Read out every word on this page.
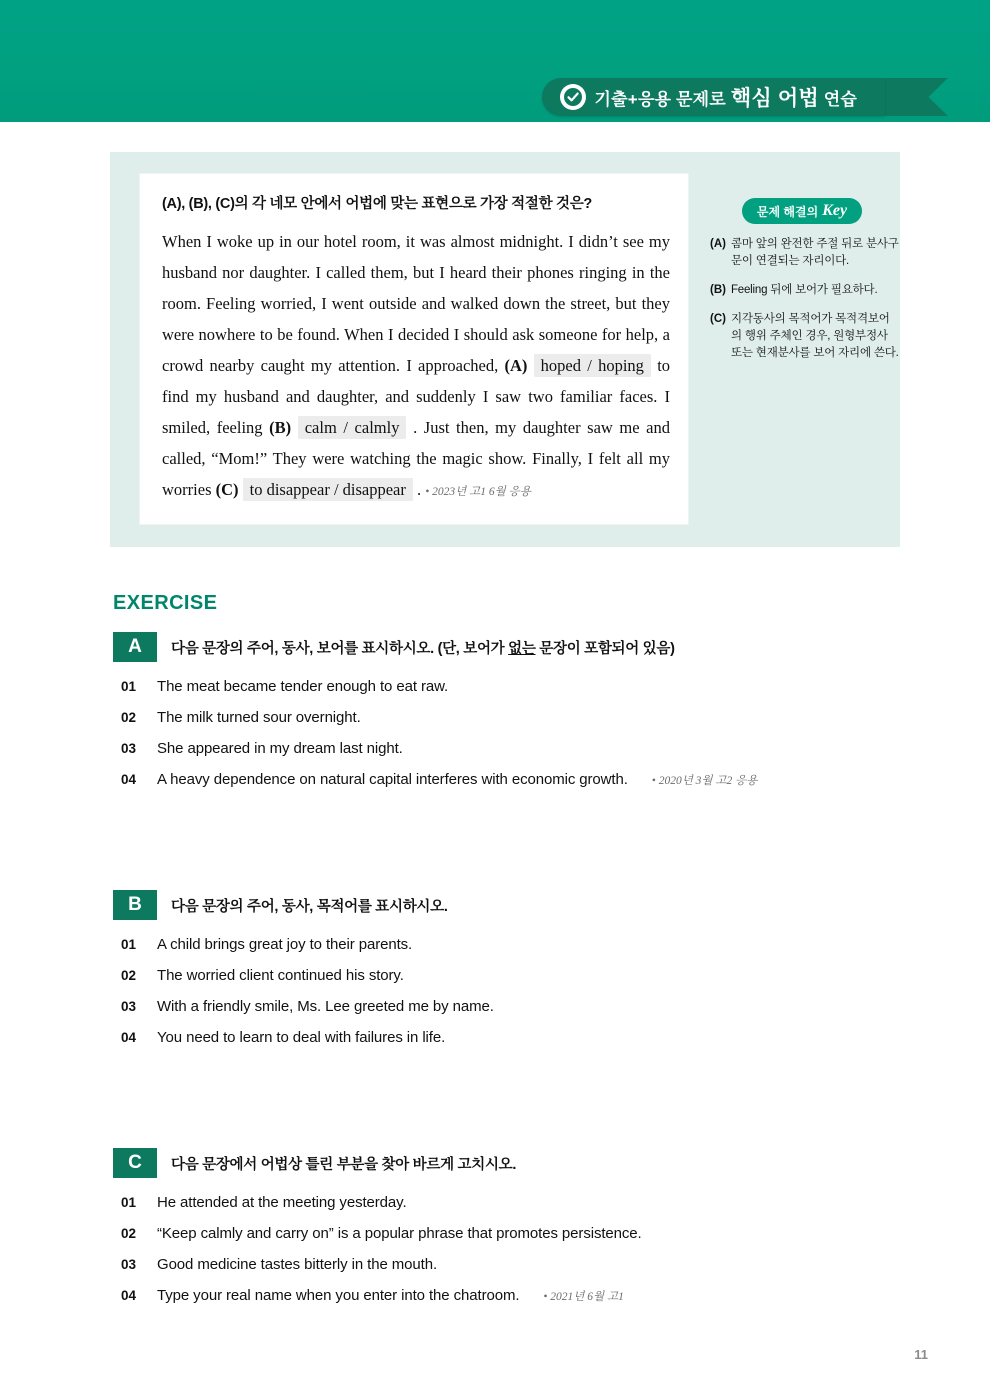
기출+응용 문제로 핵심 어법 연습
(A), (B), (C)의 각 네모 안에서 어법에 맞는 표현으로 가장 적절한 것은?
When I woke up in our hotel room, it was almost midnight. I didn’t see my husband nor daughter. I called them, but I heard their phones ringing in the room. Feeling worried, I went outside and walked down the street, but they were nowhere to be found. When I decided I should ask someone for help, a crowd nearby caught my attention. I approached, (A) hoped / hoping to find my husband and daughter, and suddenly I saw two familiar faces. I smiled, feeling (B) calm / calmly . Just then, my daughter saw me and called, “Mom!” They were watching the magic show. Finally, I felt all my worries (C) to disappear / disappear . • 2023년 고1 6월 응용
문제 해결의 Key
(A) 콤마 앞의 완전한 주절 뒤로 분사구문이 연결되는 자리이다.
(B) Feeling 뒤에 보어가 필요하다.
(C) 지각동사의 목적어가 목적격보어의 행위 주체인 경우, 원형부정사 또는 현재분사를 보어 자리에 쓴다.
EXERCISE
A	다음 문장의 주어, 동사, 보어를 표시하시오. (단, 보어가 없는 문장이 포함되어 있음)
01	The meat became tender enough to eat raw.
02	The milk turned sour overnight.
03	She appeared in my dream last night.
04	A heavy dependence on natural capital interferes with economic growth. • 2020년 3월 고2 응용
B	다음 문장의 주어, 동사, 목적어를 표시하시오.
01	A child brings great joy to their parents.
02	The worried client continued his story.
03	With a friendly smile, Ms. Lee greeted me by name.
04	You need to learn to deal with failures in life.
C	다음 문장에서 어법상 틀린 부분을 찾아 바르게 고치시오.
01	He attended at the meeting yesterday.
02	“Keep calmly and carry on” is a popular phrase that promotes persistence.
03	Good medicine tastes bitterly in the mouth.
04	Type your real name when you enter into the chatroom. • 2021년 6월 고1
11
